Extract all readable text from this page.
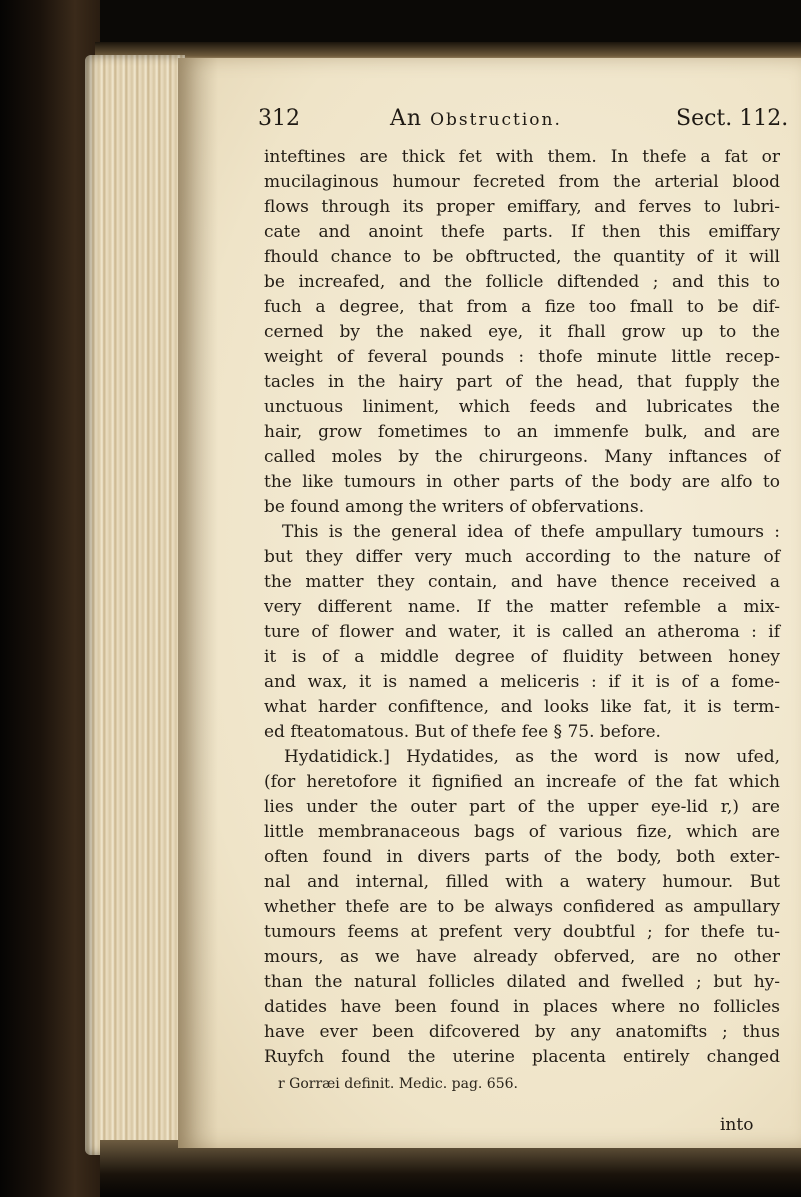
312	An Obstruction.	Sect. 112.
inteftines are thick fet with them. In thefe a fat or
mucilaginous humour fecreted from the arterial blood
flows through its proper emiffary, and ferves to lubri-
cate and anoint thefe parts. If then this emiffary
fhould chance to be obftructed, the quantity of it will
be increafed, and the follicle diftended ; and this to
fuch a degree, that from a fize too fmall to be dif-
cerned by the naked eye, it fhall grow up to the
weight of feveral pounds : thofe minute little recep-
tacles in the hairy part of the head, that fupply the
unctuous liniment, which feeds and lubricates the
hair, grow fometimes to an immenfe bulk, and are
called moles by the chirurgeons. Many inftances of
the like tumours in other parts of the body are alfo to
be found among the writers of obfervations.
This is the general idea of thefe ampullary tumours :
but they differ very much according to the nature of
the matter they contain, and have thence received a
very different name. If the matter refemble a mix-
ture of flower and water, it is called an atheroma : if
it is of a middle degree of fluidity between honey
and wax, it is named a meliceris : if it is of a fome-
what harder confiftence, and looks like fat, it is term-
ed fteatomatous. But of thefe fee § 75. before.
Hydatidick.] Hydatides, as the word is now ufed,
(for heretofore it fignified an increafe of the fat which
lies under the outer part of the upper eye-lid r,) are
little membranaceous bags of various fize, which are
often found in divers parts of the body, both exter-
nal and internal, filled with a watery humour. But
whether thefe are to be always confidered as ampullary
tumours feems at prefent very doubtful ; for thefe tu-
mours, as we have already obferved, are no other
than the natural follicles dilated and fwelled ; but hy-
datides have been found in places where no follicles
have ever been difcovered by any anatomifts ; thus
Ruyfch found the uterine placenta entirely changed
r Gorræi definit. Medic. pag. 656.
into
